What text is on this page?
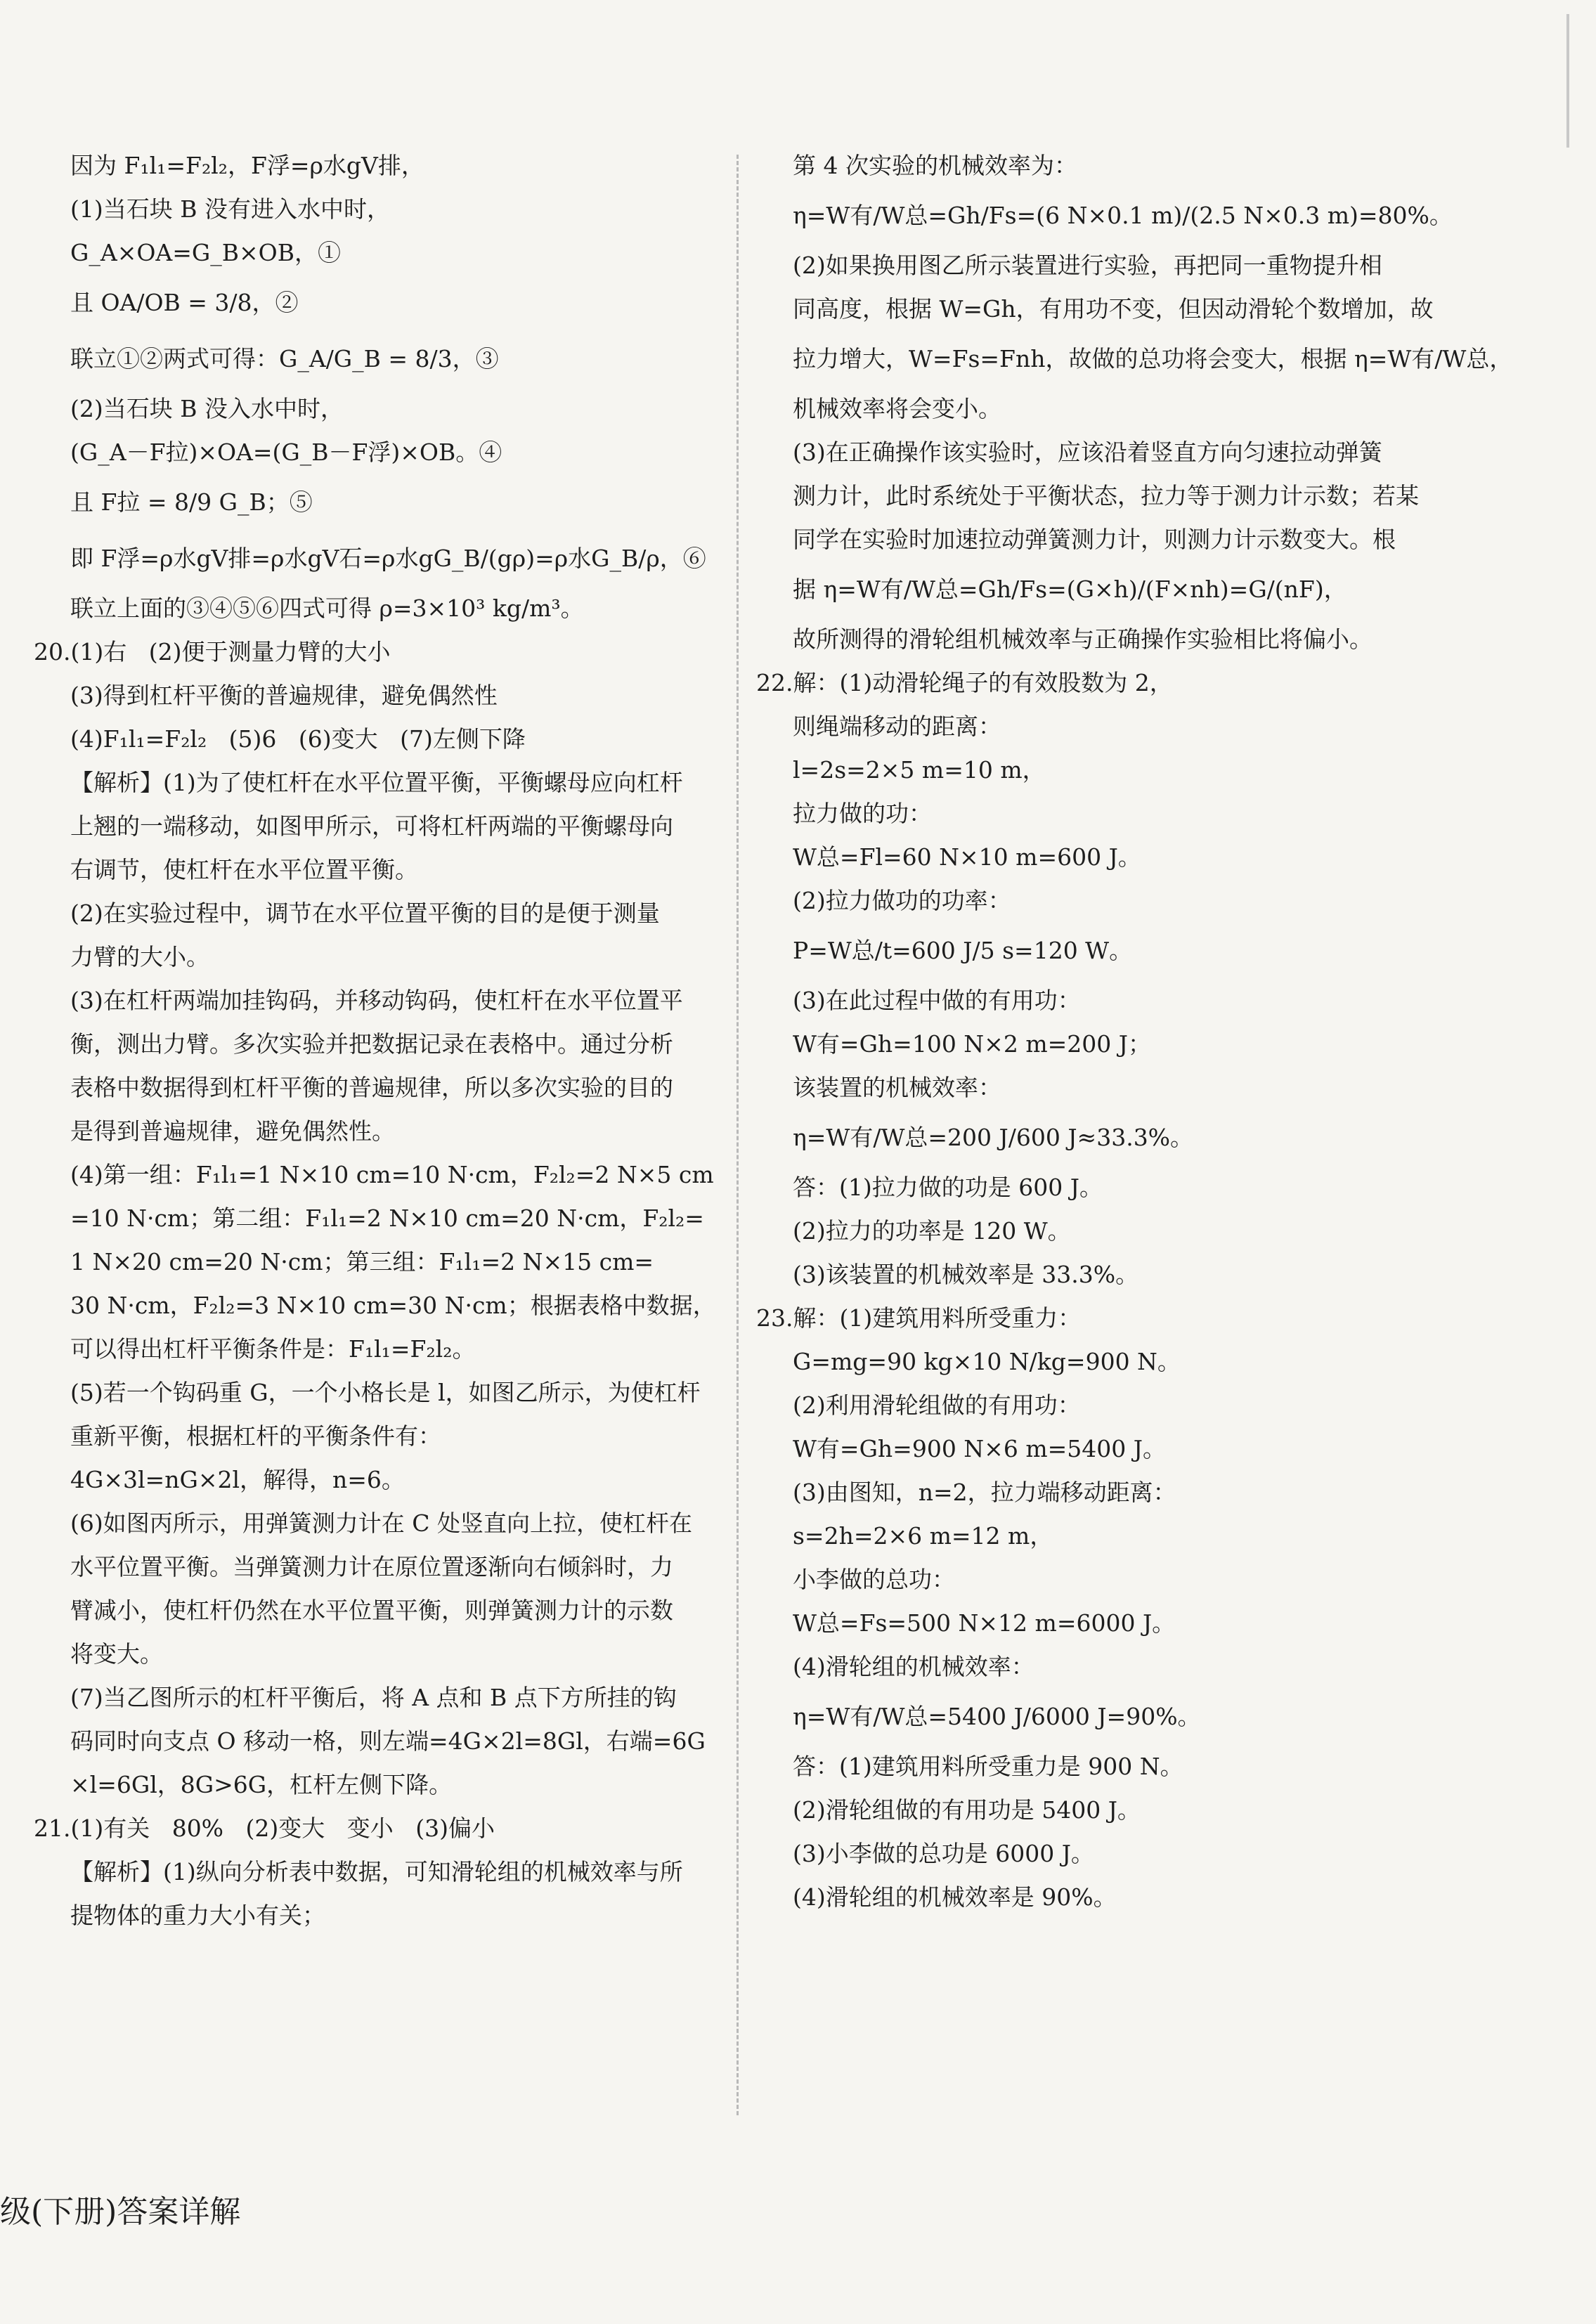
因为 F₁l₁=F₂l₂，F浮=ρ水gV排，
(1)当石块 B 没有进入水中时，
G_A×OA=G_B×OB，①
且 OA/OB = 3/8，②
联立①②两式可得：G_A/G_B = 8/3，③
(2)当石块 B 没入水中时，
(G_A－F拉)×OA=(G_B－F浮)×OB。④
且 F拉 = 8/9 G_B；⑤
即 F浮=ρ水gV排=ρ水gV石=ρ水gG_B/(gρ)=ρ水G_B/ρ，⑥
联立上面的③④⑤⑥四式可得 ρ=3×10³ kg/m³。
20.(1)右   (2)便于测量力臂的大小
(3)得到杠杆平衡的普遍规律，避免偶然性
(4)F₁l₁=F₂l₂   (5)6   (6)变大   (7)左侧下降
【解析】(1)为了使杠杆在水平位置平衡，平衡螺母应向杠杆
上翘的一端移动，如图甲所示，可将杠杆两端的平衡螺母向
右调节，使杠杆在水平位置平衡。
(2)在实验过程中，调节在水平位置平衡的目的是便于测量
力臂的大小。
(3)在杠杆两端加挂钩码，并移动钩码，使杠杆在水平位置平
衡，测出力臂。多次实验并把数据记录在表格中。通过分析
表格中数据得到杠杆平衡的普遍规律，所以多次实验的目的
是得到普遍规律，避免偶然性。
(4)第一组：F₁l₁=1 N×10 cm=10 N·cm，F₂l₂=2 N×5 cm
=10 N·cm；第二组：F₁l₁=2 N×10 cm=20 N·cm，F₂l₂=
1 N×20 cm=20 N·cm；第三组：F₁l₁=2 N×15 cm=
30 N·cm，F₂l₂=3 N×10 cm=30 N·cm；根据表格中数据，
可以得出杠杆平衡条件是：F₁l₁=F₂l₂。
(5)若一个钩码重 G，一个小格长是 l，如图乙所示，为使杠杆
重新平衡，根据杠杆的平衡条件有：
4G×3l=nG×2l，解得，n=6。
(6)如图丙所示，用弹簧测力计在 C 处竖直向上拉，使杠杆在
水平位置平衡。当弹簧测力计在原位置逐渐向右倾斜时，力
臂减小，使杠杆仍然在水平位置平衡，则弹簧测力计的示数
将变大。
(7)当乙图所示的杠杆平衡后，将 A 点和 B 点下方所挂的钩
码同时向支点 O 移动一格，则左端=4G×2l=8Gl，右端=6G
×l=6Gl，8G>6G，杠杆左侧下降。
21.(1)有关   80%   (2)变大   变小   (3)偏小
【解析】(1)纵向分析表中数据，可知滑轮组的机械效率与所
提物体的重力大小有关；
第 4 次实验的机械效率为：
η=W有/W总=Gh/Fs=(6 N×0.1 m)/(2.5 N×0.3 m)=80%。
(2)如果换用图乙所示装置进行实验，再把同一重物提升相
同高度，根据 W=Gh，有用功不变，但因动滑轮个数增加，故
拉力增大，W=Fs=Fnh，故做的总功将会变大，根据 η=W有/W总，
机械效率将会变小。
(3)在正确操作该实验时，应该沿着竖直方向匀速拉动弹簧
测力计，此时系统处于平衡状态，拉力等于测力计示数；若某
同学在实验时加速拉动弹簧测力计，则测力计示数变大。根
据 η=W有/W总=Gh/Fs=(G×h)/(F×nh)=G/(nF)，
故所测得的滑轮组机械效率与正确操作实验相比将偏小。
22.解：(1)动滑轮绳子的有效股数为 2，
则绳端移动的距离：
l=2s=2×5 m=10 m，
拉力做的功：
W总=Fl=60 N×10 m=600 J。
(2)拉力做功的功率：
P=W总/t=600 J/5 s=120 W。
(3)在此过程中做的有用功：
W有=Gh=100 N×2 m=200 J；
该装置的机械效率：
η=W有/W总=200 J/600 J≈33.3%。
答：(1)拉力做的功是 600 J。
(2)拉力的功率是 120 W。
(3)该装置的机械效率是 33.3%。
23.解：(1)建筑用料所受重力：
G=mg=90 kg×10 N/kg=900 N。
(2)利用滑轮组做的有用功：
W有=Gh=900 N×6 m=5400 J。
(3)由图知，n=2，拉力端移动距离：
s=2h=2×6 m=12 m，
小李做的总功：
W总=Fs=500 N×12 m=6000 J。
(4)滑轮组的机械效率：
η=W有/W总=5400 J/6000 J=90%。
答：(1)建筑用料所受重力是 900 N。
(2)滑轮组做的有用功是 5400 J。
(3)小李做的总功是 6000 J。
(4)滑轮组的机械效率是 90%。
级(下册)答案详解
